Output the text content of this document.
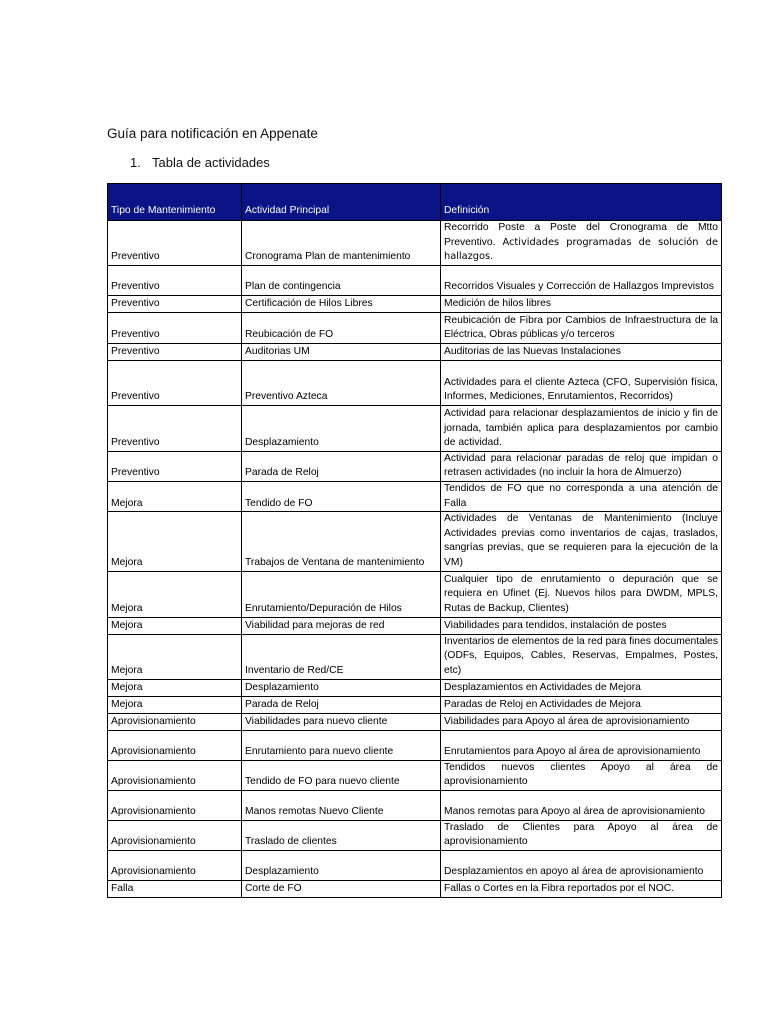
Guía para notificación en Appenate
1. Tabla de actividades
Tipo de Mantenimiento	Actividad Principal	Definición
Preventivo	Cronograma Plan de mantenimiento	Recorrido Poste a Poste del Cronograma de Mtto Preventivo. Actividades programadas de solución de hallazgos.
Preventivo	Plan de contingencia	Recorridos Visuales y Corrección de Hallazgos Imprevistos
Preventivo	Certificación de Hilos Libres	Medición de hilos libres
Preventivo	Reubicación de FO	Reubicación de Fibra por Cambios de Infraestructura de la Eléctrica, Obras públicas y/o terceros
Preventivo	Auditorias UM	Auditorias de las Nuevas Instalaciones
Preventivo	Preventivo Azteca	Actividades para el cliente Azteca (CFO, Supervisión física, Informes, Mediciones, Enrutamientos, Recorridos)
Preventivo	Desplazamiento	Actividad para relacionar desplazamientos de inicio y fin de jornada, también aplica para desplazamientos por cambio de actividad.
Preventivo	Parada de Reloj	Actividad para relacionar paradas de reloj que impidan o retrasen actividades (no incluir la hora de Almuerzo)
Mejora	Tendido de FO	Tendidos de FO que no corresponda a una atención de Falla
Mejora	Trabajos de Ventana de mantenimiento	Actividades de Ventanas de Mantenimiento (Incluye Actividades previas como inventarios de cajas, traslados, sangrías previas, que se requieren para la ejecución de la VM)
Mejora	Enrutamiento/Depuración de Hilos	Cualquier tipo de enrutamiento o depuración que se requiera en Ufinet (Ej. Nuevos hilos para DWDM, MPLS, Rutas de Backup, Clientes)
Mejora	Viabilidad para mejoras de red	Viabilidades para tendidos, instalación de postes
Mejora	Inventario de Red/CE	Inventarios de elementos de la red para fines documentales (ODFs, Equipos, Cables, Reservas, Empalmes, Postes, etc)
Mejora	Desplazamiento	Desplazamientos en Actividades de Mejora
Mejora	Parada de Reloj	Paradas de Reloj en Actividades de Mejora
Aprovisionamiento	Viabilidades para nuevo cliente	Viabilidades para Apoyo al área de aprovisionamiento
Aprovisionamiento	Enrutamiento para nuevo cliente	Enrutamientos para Apoyo al área de aprovisionamiento
Aprovisionamiento	Tendido de FO para nuevo cliente	Tendidos nuevos clientes Apoyo al área de aprovisionamiento
Aprovisionamiento	Manos remotas Nuevo Cliente	Manos remotas para Apoyo al área de aprovisionamiento
Aprovisionamiento	Traslado de clientes	Traslado de Clientes para Apoyo al área de aprovisionamiento
Aprovisionamiento	Desplazamiento	Desplazamientos en apoyo al área de aprovisionamiento
Falla	Corte de FO	Fallas o Cortes en la Fibra reportados por el NOC.
